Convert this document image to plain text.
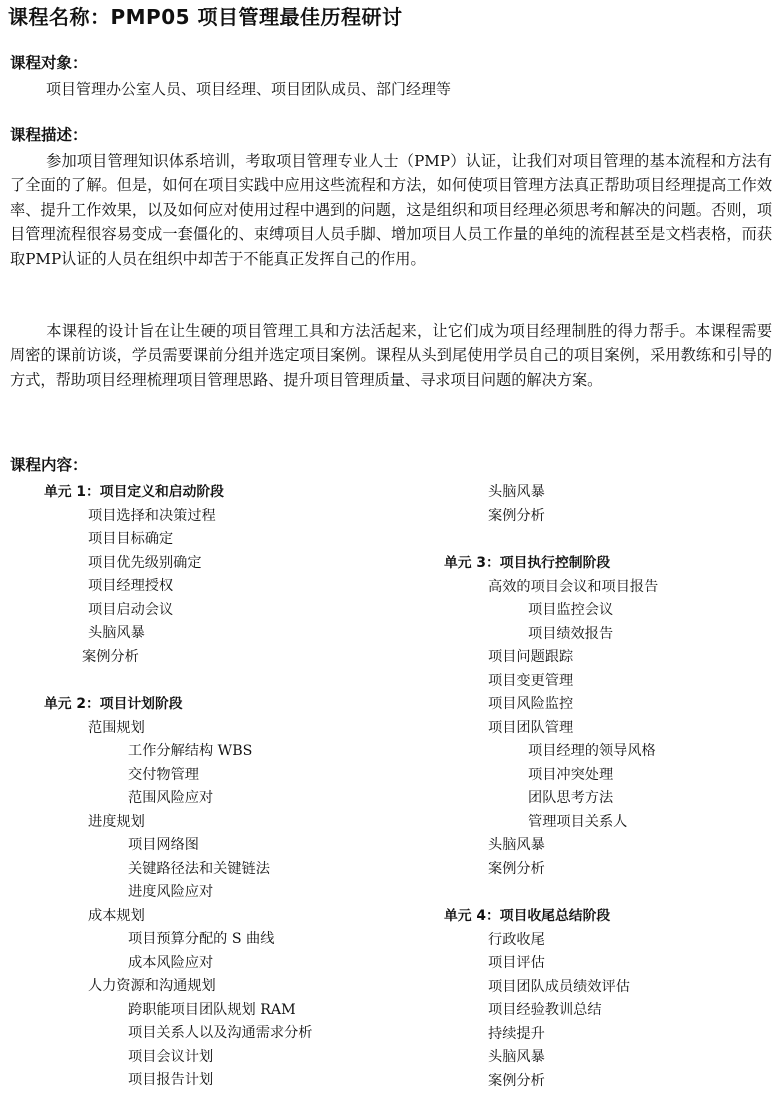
课程名称：PMP05 项目管理最佳历程研讨
课程对象：
项目管理办公室人员、项目经理、项目团队成员、部门经理等
课程描述：

参加项目管理知识体系培训，考取项目管理专业人士（PMP）认证，让我们对项目管理的基本流程和方法有了全面的了解。但是，如何在项目实践中应用这些流程和方法，如何使项目管理方法真正帮助项目经理提高工作效率、提升工作效果，以及如何应对使用过程中遇到的问题，这是组织和项目经理必须思考和解决的问题。否则，项目管理流程很容易变成一套僵化的、束缚项目人员手脚、增加项目人员工作量的单纯的流程甚至是文档表格，而获取PMP认证的人员在组织中却苦于不能真正发挥自己的作用。

本课程的设计旨在让生硬的项目管理工具和方法活起来，让它们成为项目经理制胜的得力帮手。本课程需要周密的课前访谈，学员需要课前分组并选定项目案例。课程从头到尾使用学员自己的项目案例，采用教练和引导的方式，帮助项目经理梳理项目管理思路、提升项目管理质量、寻求项目问题的解决方案。

课程内容：
单元 1：项目定义和启动阶段
项目选择和决策过程
项目目标确定
项目优先级别确定
项目经理授权
项目启动会议
头脑风暴
案例分析
单元 2：项目计划阶段
范围规划
工作分解结构 WBS
交付物管理
范围风险应对
进度规划
项目网络图
关键路径法和关键链法
进度风险应对
成本规划
项目预算分配的 S 曲线
成本风险应对
人力资源和沟通规划
跨职能项目团队规划 RAM
项目关系人以及沟通需求分析
项目会议计划
项目报告计划
头脑风暴
案例分析
单元 3：项目执行控制阶段
高效的项目会议和项目报告
项目监控会议
项目绩效报告
项目问题跟踪
项目变更管理
项目风险监控
项目团队管理
项目经理的领导风格
项目冲突处理
团队思考方法
管理项目关系人
头脑风暴
案例分析
单元 4：项目收尾总结阶段
行政收尾
项目评估
项目团队成员绩效评估
项目经验教训总结
持续提升
头脑风暴
案例分析
